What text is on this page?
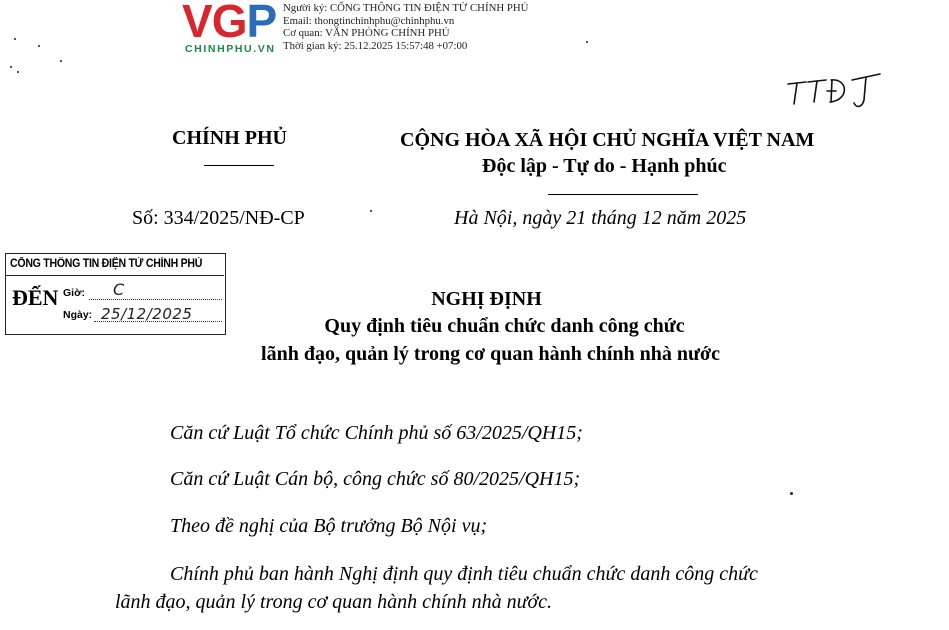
VGP
CHINHPHU.VN
Người ký: CỔNG THÔNG TIN ĐIỆN TỬ CHÍNH PHỦ
Email: thongtinchinhphu@chinhphu.vn
Cơ quan: VĂN PHÒNG CHÍNH PHỦ
Thời gian ký: 25.12.2025 15:57:48 +07:00
CHÍNH PHỦ	CỘNG HÒA XÃ HỘI CHỦ NGHĨA VIỆT NAM
Độc lập - Tự do - Hạnh phúc
Số: 334/2025/NĐ-CP	Hà Nội, ngày 21 tháng 12 năm 2025
CỔNG THÔNG TIN ĐIỆN TỬ CHÍNH PHỦ
ĐẾN Giờ: C
Ngày: 25/12/2025
NGHỊ ĐỊNH
Quy định tiêu chuẩn chức danh công chức
lãnh đạo, quản lý trong cơ quan hành chính nhà nước
Căn cứ Luật Tổ chức Chính phủ số 63/2025/QH15;
Căn cứ Luật Cán bộ, công chức số 80/2025/QH15;
Theo đề nghị của Bộ trưởng Bộ Nội vụ;
Chính phủ ban hành Nghị định quy định tiêu chuẩn chức danh công chức
lãnh đạo, quản lý trong cơ quan hành chính nhà nước.
